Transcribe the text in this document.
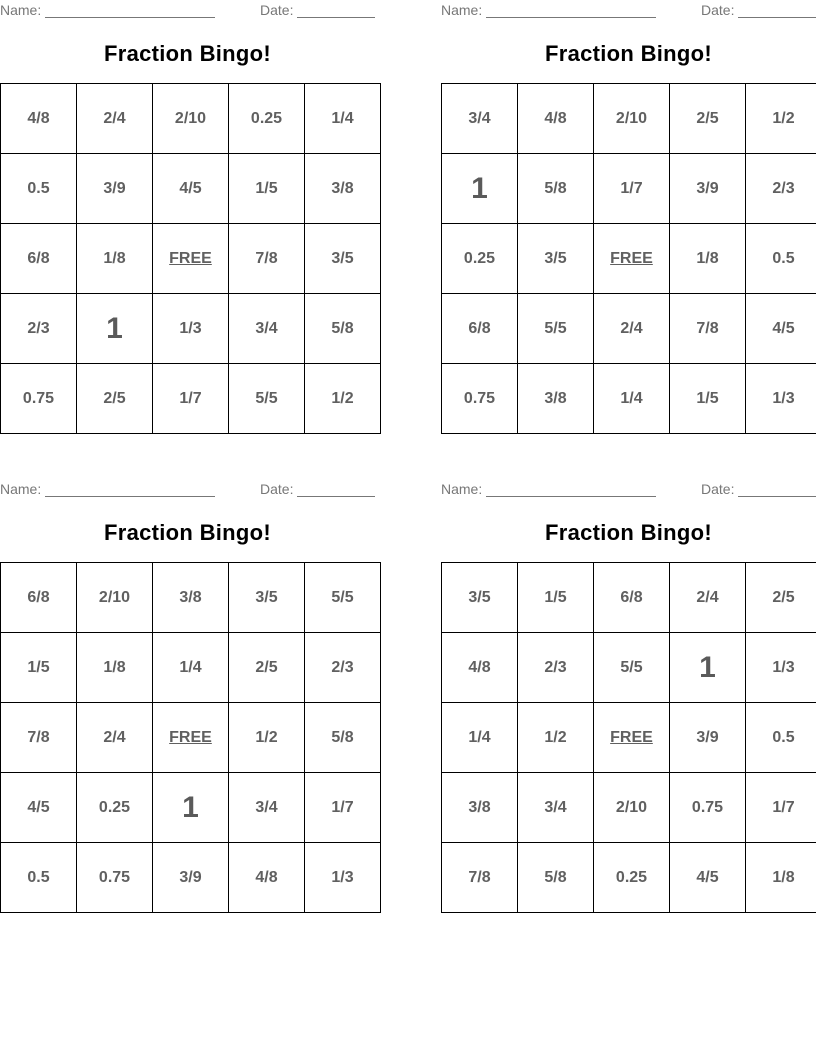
Name:	Date:
Fraction Bingo!
4/8	2/4	2/10	0.25	1/4
0.5	3/9	4/5	1/5	3/8
6/8	1/8	FREE	7/8	3/5
2/3	1	1/3	3/4	5/8
0.75	2/5	1/7	5/5	1/2
Name:	Date:
Fraction Bingo!
3/4	4/8	2/10	2/5	1/2
1	5/8	1/7	3/9	2/3
0.25	3/5	FREE	1/8	0.5
6/8	5/5	2/4	7/8	4/5
0.75	3/8	1/4	1/5	1/3
Name:	Date:
Fraction Bingo!
6/8	2/10	3/8	3/5	5/5
1/5	1/8	1/4	2/5	2/3
7/8	2/4	FREE	1/2	5/8
4/5	0.25	1	3/4	1/7
0.5	0.75	3/9	4/8	1/3
Name:	Date:
Fraction Bingo!
3/5	1/5	6/8	2/4	2/5
4/8	2/3	5/5	1	1/3
1/4	1/2	FREE	3/9	0.5
3/8	3/4	2/10	0.75	1/7
7/8	5/8	0.25	4/5	1/8
